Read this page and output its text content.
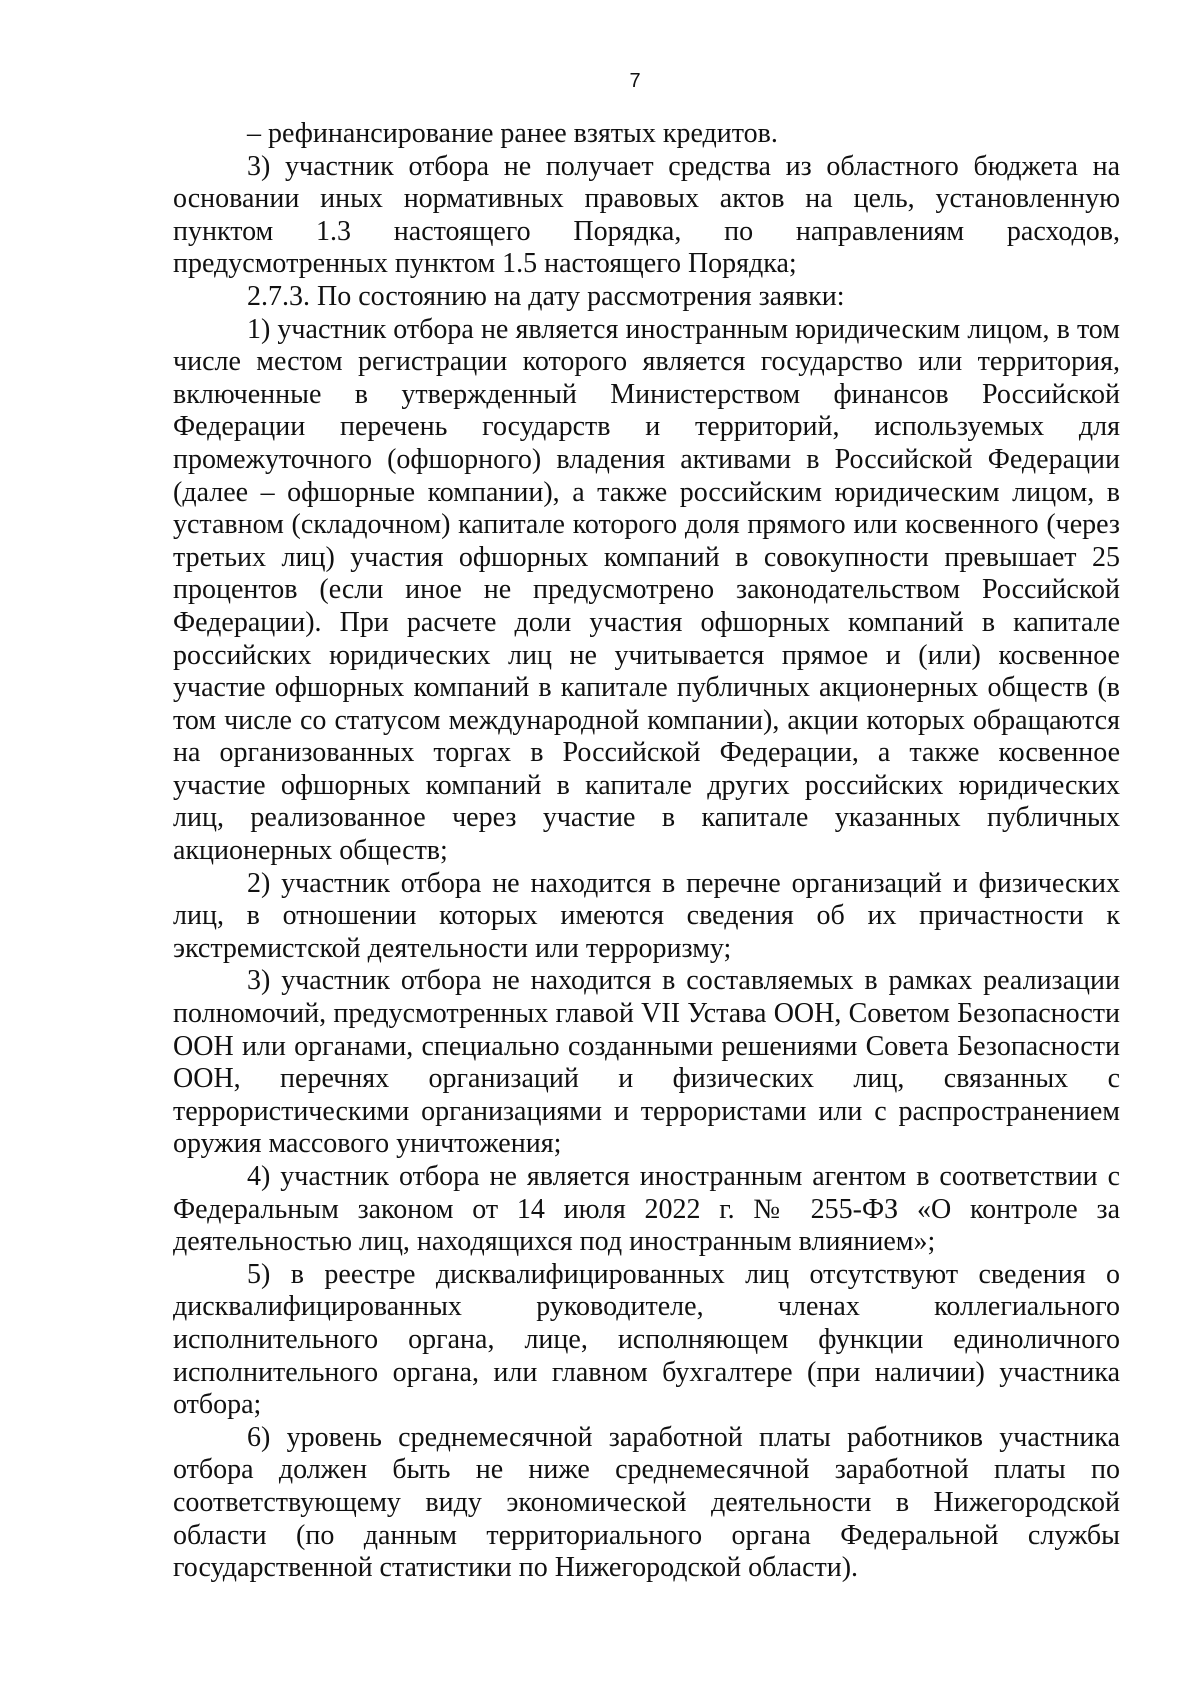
7

– рефинансирование ранее взятых кредитов.

3) участник отбора не получает средства из областного бюджета на основании иных нормативных правовых актов на цель, установленную пунктом 1.3 настоящего Порядка, по направлениям расходов, предусмотренных пунктом 1.5 настоящего Порядка;

2.7.3. По состоянию на дату рассмотрения заявки:

1) участник отбора не является иностранным юридическим лицом, в том числе местом регистрации которого является государство или территория, включенные в утвержденный Министерством финансов Российской Федерации перечень государств и территорий, используемых для промежуточного (офшорного) владения активами в Российской Федерации (далее – офшорные компании), а также российским юридическим лицом, в уставном (складочном) капитале которого доля прямого или косвенного (через третьих лиц) участия офшорных компаний в совокупности превышает 25 процентов (если иное не предусмотрено законодательством Российской Федерации). При расчете доли участия офшорных компаний в капитале российских юридических лиц не учитывается прямое и (или) косвенное участие офшорных компаний в капитале публичных акционерных обществ (в том числе со статусом международной компании), акции которых обращаются на организованных торгах в Российской Федерации, а также косвенное участие офшорных компаний в капитале других российских юридических лиц, реализованное через участие в капитале указанных публичных акционерных обществ;

2) участник отбора не находится в перечне организаций и физических лиц, в отношении которых имеются сведения об их причастности к экстремистской деятельности или терроризму;

3) участник отбора не находится в составляемых в рамках реализации полномочий, предусмотренных главой VII Устава ООН, Советом Безопасности ООН или органами, специально созданными решениями Совета Безопасности ООН, перечнях организаций и физических лиц, связанных с террористическими организациями и террористами или с распространением оружия массового уничтожения;

4) участник отбора не является иностранным агентом в соответствии с Федеральным законом от 14 июля 2022 г. № 255-ФЗ «О контроле за деятельностью лиц, находящихся под иностранным влиянием»;

5) в реестре дисквалифицированных лиц отсутствуют сведения о дисквалифицированных руководителе, членах коллегиального исполнительного органа, лице, исполняющем функции единоличного исполнительного органа, или главном бухгалтере (при наличии) участника отбора;

6) уровень среднемесячной заработной платы работников участника отбора должен быть не ниже среднемесячной заработной платы по соответствующему виду экономической деятельности в Нижегородской области (по данным территориального органа Федеральной службы государственной статистики по Нижегородской области).
